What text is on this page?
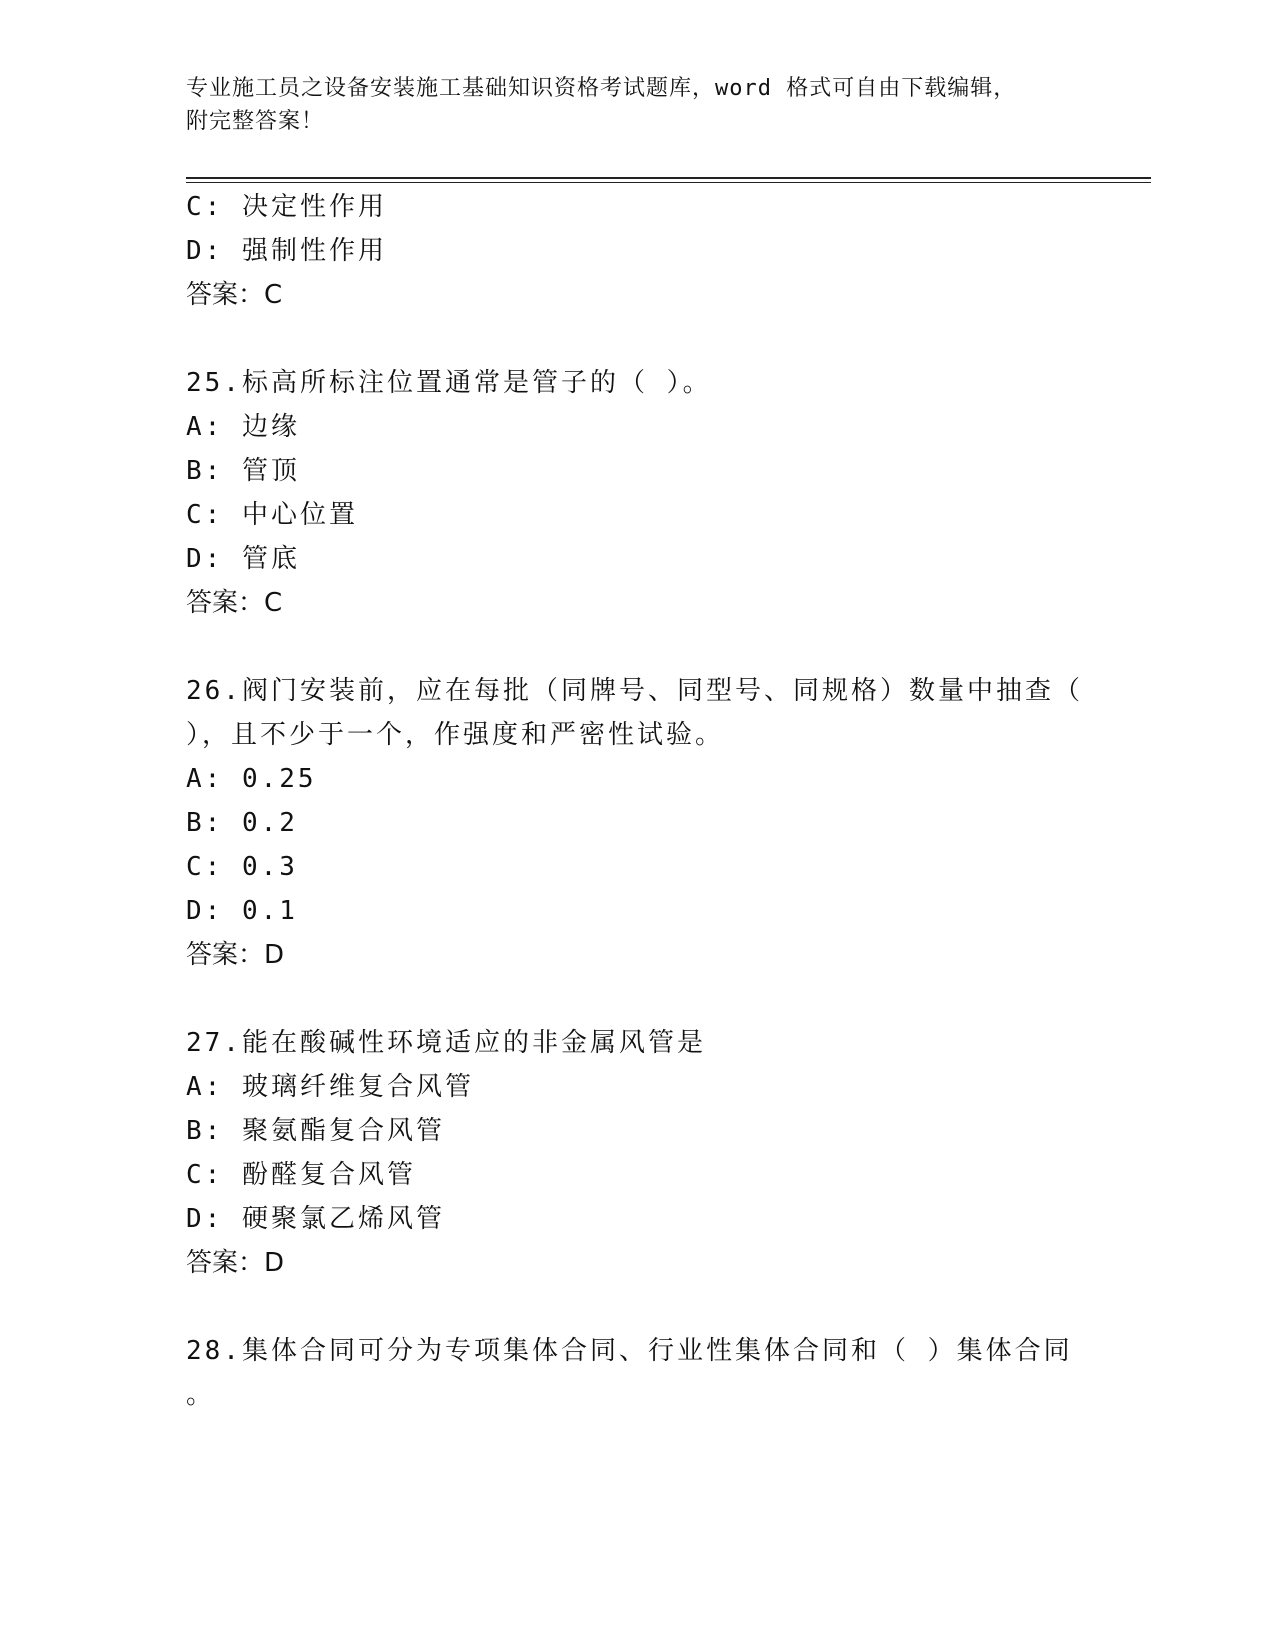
专业施工员之设备安装施工基础知识资格考试题库，word 格式可自由下载编辑，
附完整答案！
C: 决定性作用
D: 强制性作用
答案：C
25.标高所标注位置通常是管子的（ ）。
A: 边缘
B: 管顶
C: 中心位置
D: 管底
答案：C
26.阀门安装前，应在每批（同牌号、同型号、同规格）数量中抽查（
），且不少于一个，作强度和严密性试验。
A: 0.25
B: 0.2
C: 0.3
D: 0.1
答案：D
27.能在酸碱性环境适应的非金属风管是
A: 玻璃纤维复合风管
B: 聚氨酯复合风管
C: 酚醛复合风管
D: 硬聚氯乙烯风管
答案：D
28.集体合同可分为专项集体合同、行业性集体合同和（ ）集体合同
。
